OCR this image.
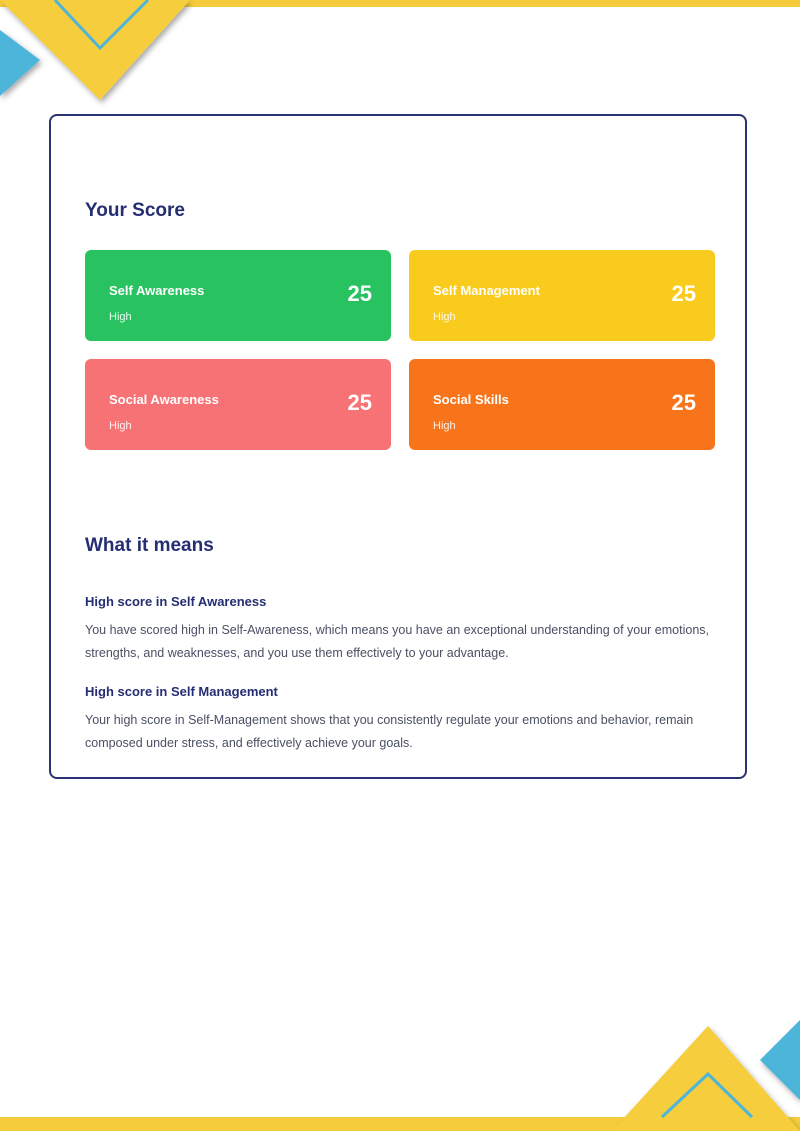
Your Score
Self Awareness
High
25	Self Management
High
25
Social Awareness
High
25	Social Skills
High
25
What it means
High score in Self Awareness

You have scored high in Self-Awareness, which means you have an exceptional understanding of your emotions, strengths, and weaknesses, and you use them effectively to your advantage.

High score in Self Management

Your high score in Self-Management shows that you consistently regulate your emotions and behavior, remain composed under stress, and effectively achieve your goals.
